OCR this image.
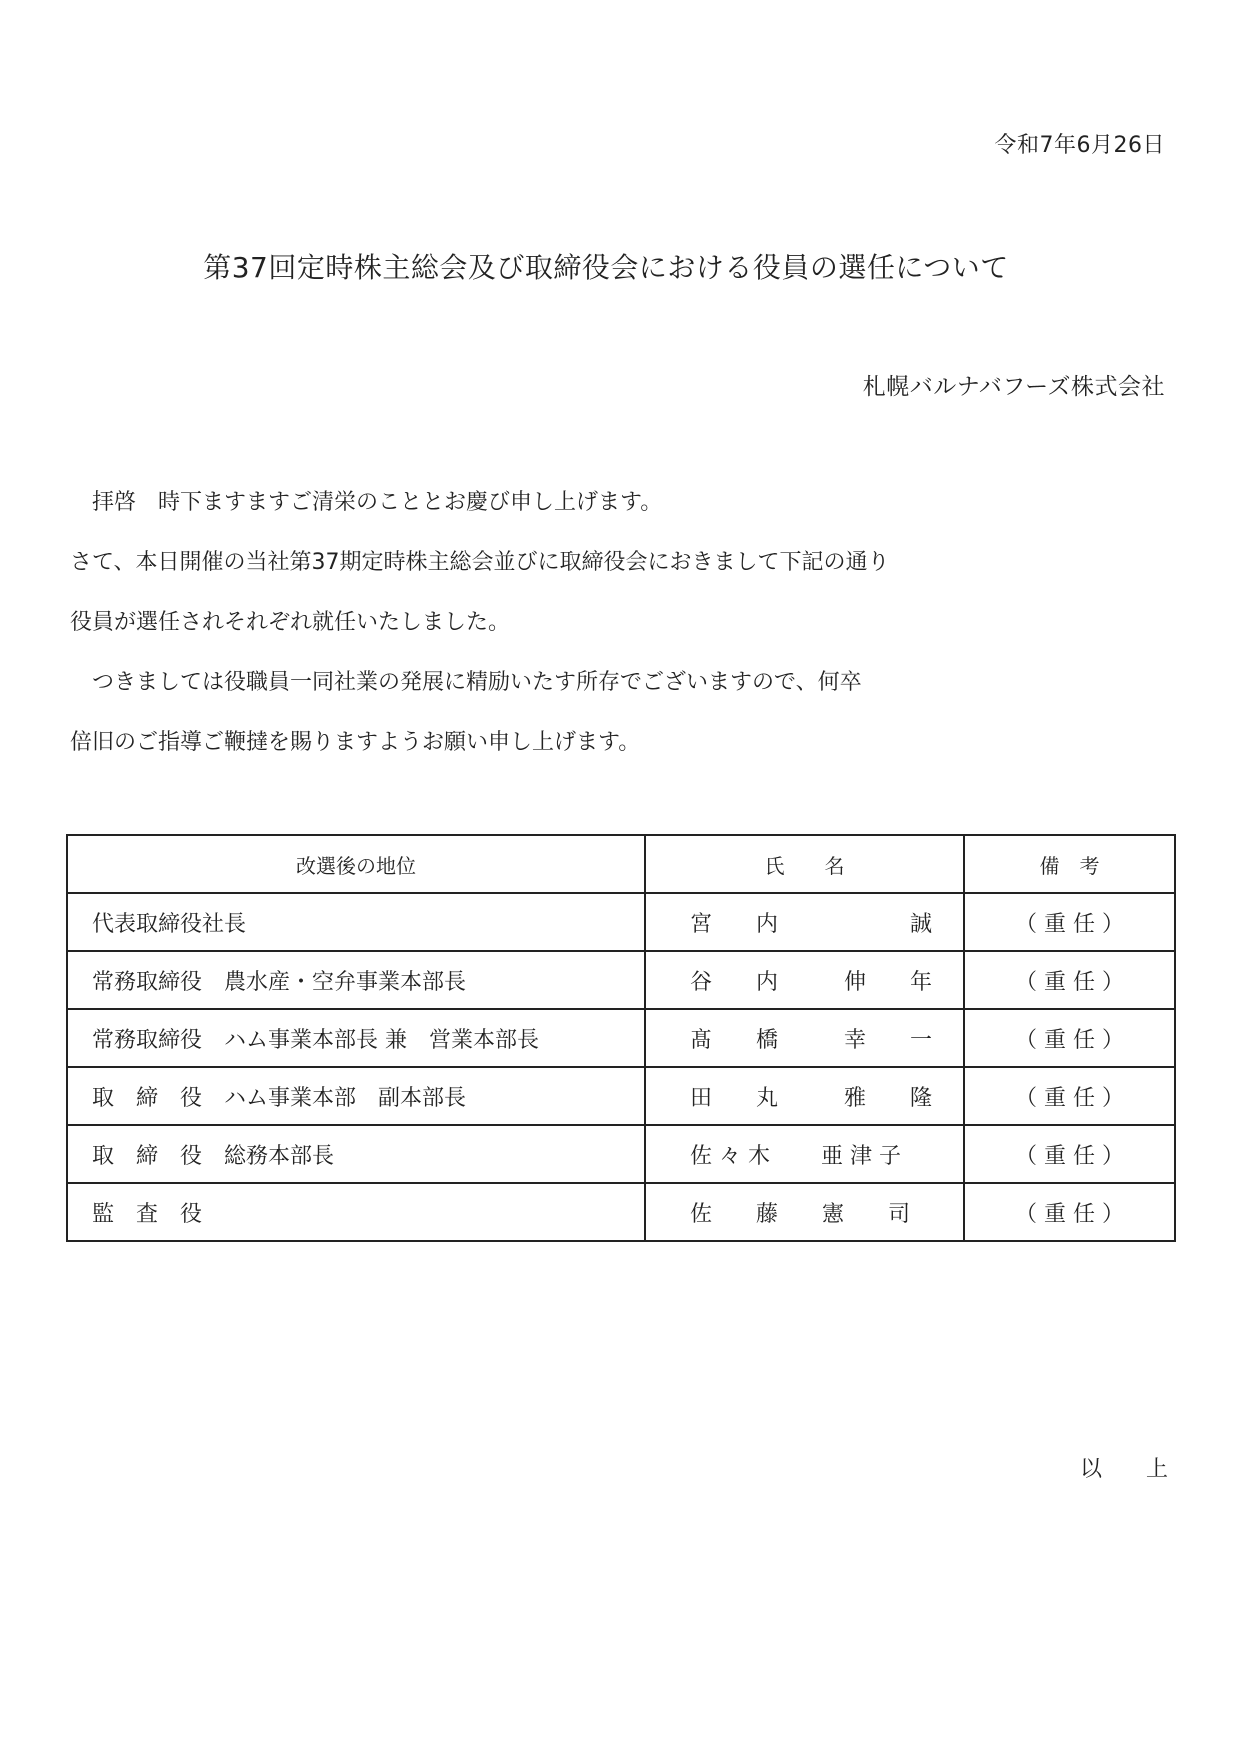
令和7年6月26日
第37回定時株主総会及び取締役会における役員の選任について
札幌バルナバフーズ株式会社

　拝啓　時下ますますご清栄のこととお慶び申し上げます。

さて、本日開催の当社第37期定時株主総会並びに取締役会におきまして下記の通り

役員が選任されそれぞれ就任いたしました。

　つきましては役職員一同社業の発展に精励いたす所存でございますので、何卒

倍旧のご指導ご鞭撻を賜りますようお願い申し上げます。

改選後の地位	氏　　名	備　考
代表取締役社長	宮　　内　　　　　　誠	（ 重 任 ）
常務取締役　農水産・空弁事業本部長	谷　　内　　　伸　　年	（ 重 任 ）
常務取締役　ハム事業本部長 兼　営業本部長	髙　　橋　　　幸　　一	（ 重 任 ）
取　締　役　ハム事業本部　副本部長	田　　丸　　　雅　　隆	（ 重 任 ）
取　締　役　総務本部長	佐 々 木　　 亜 津 子	（ 重 任 ）
監　査　役	佐　　藤　　憲　　司	（ 重 任 ）
以　　上
